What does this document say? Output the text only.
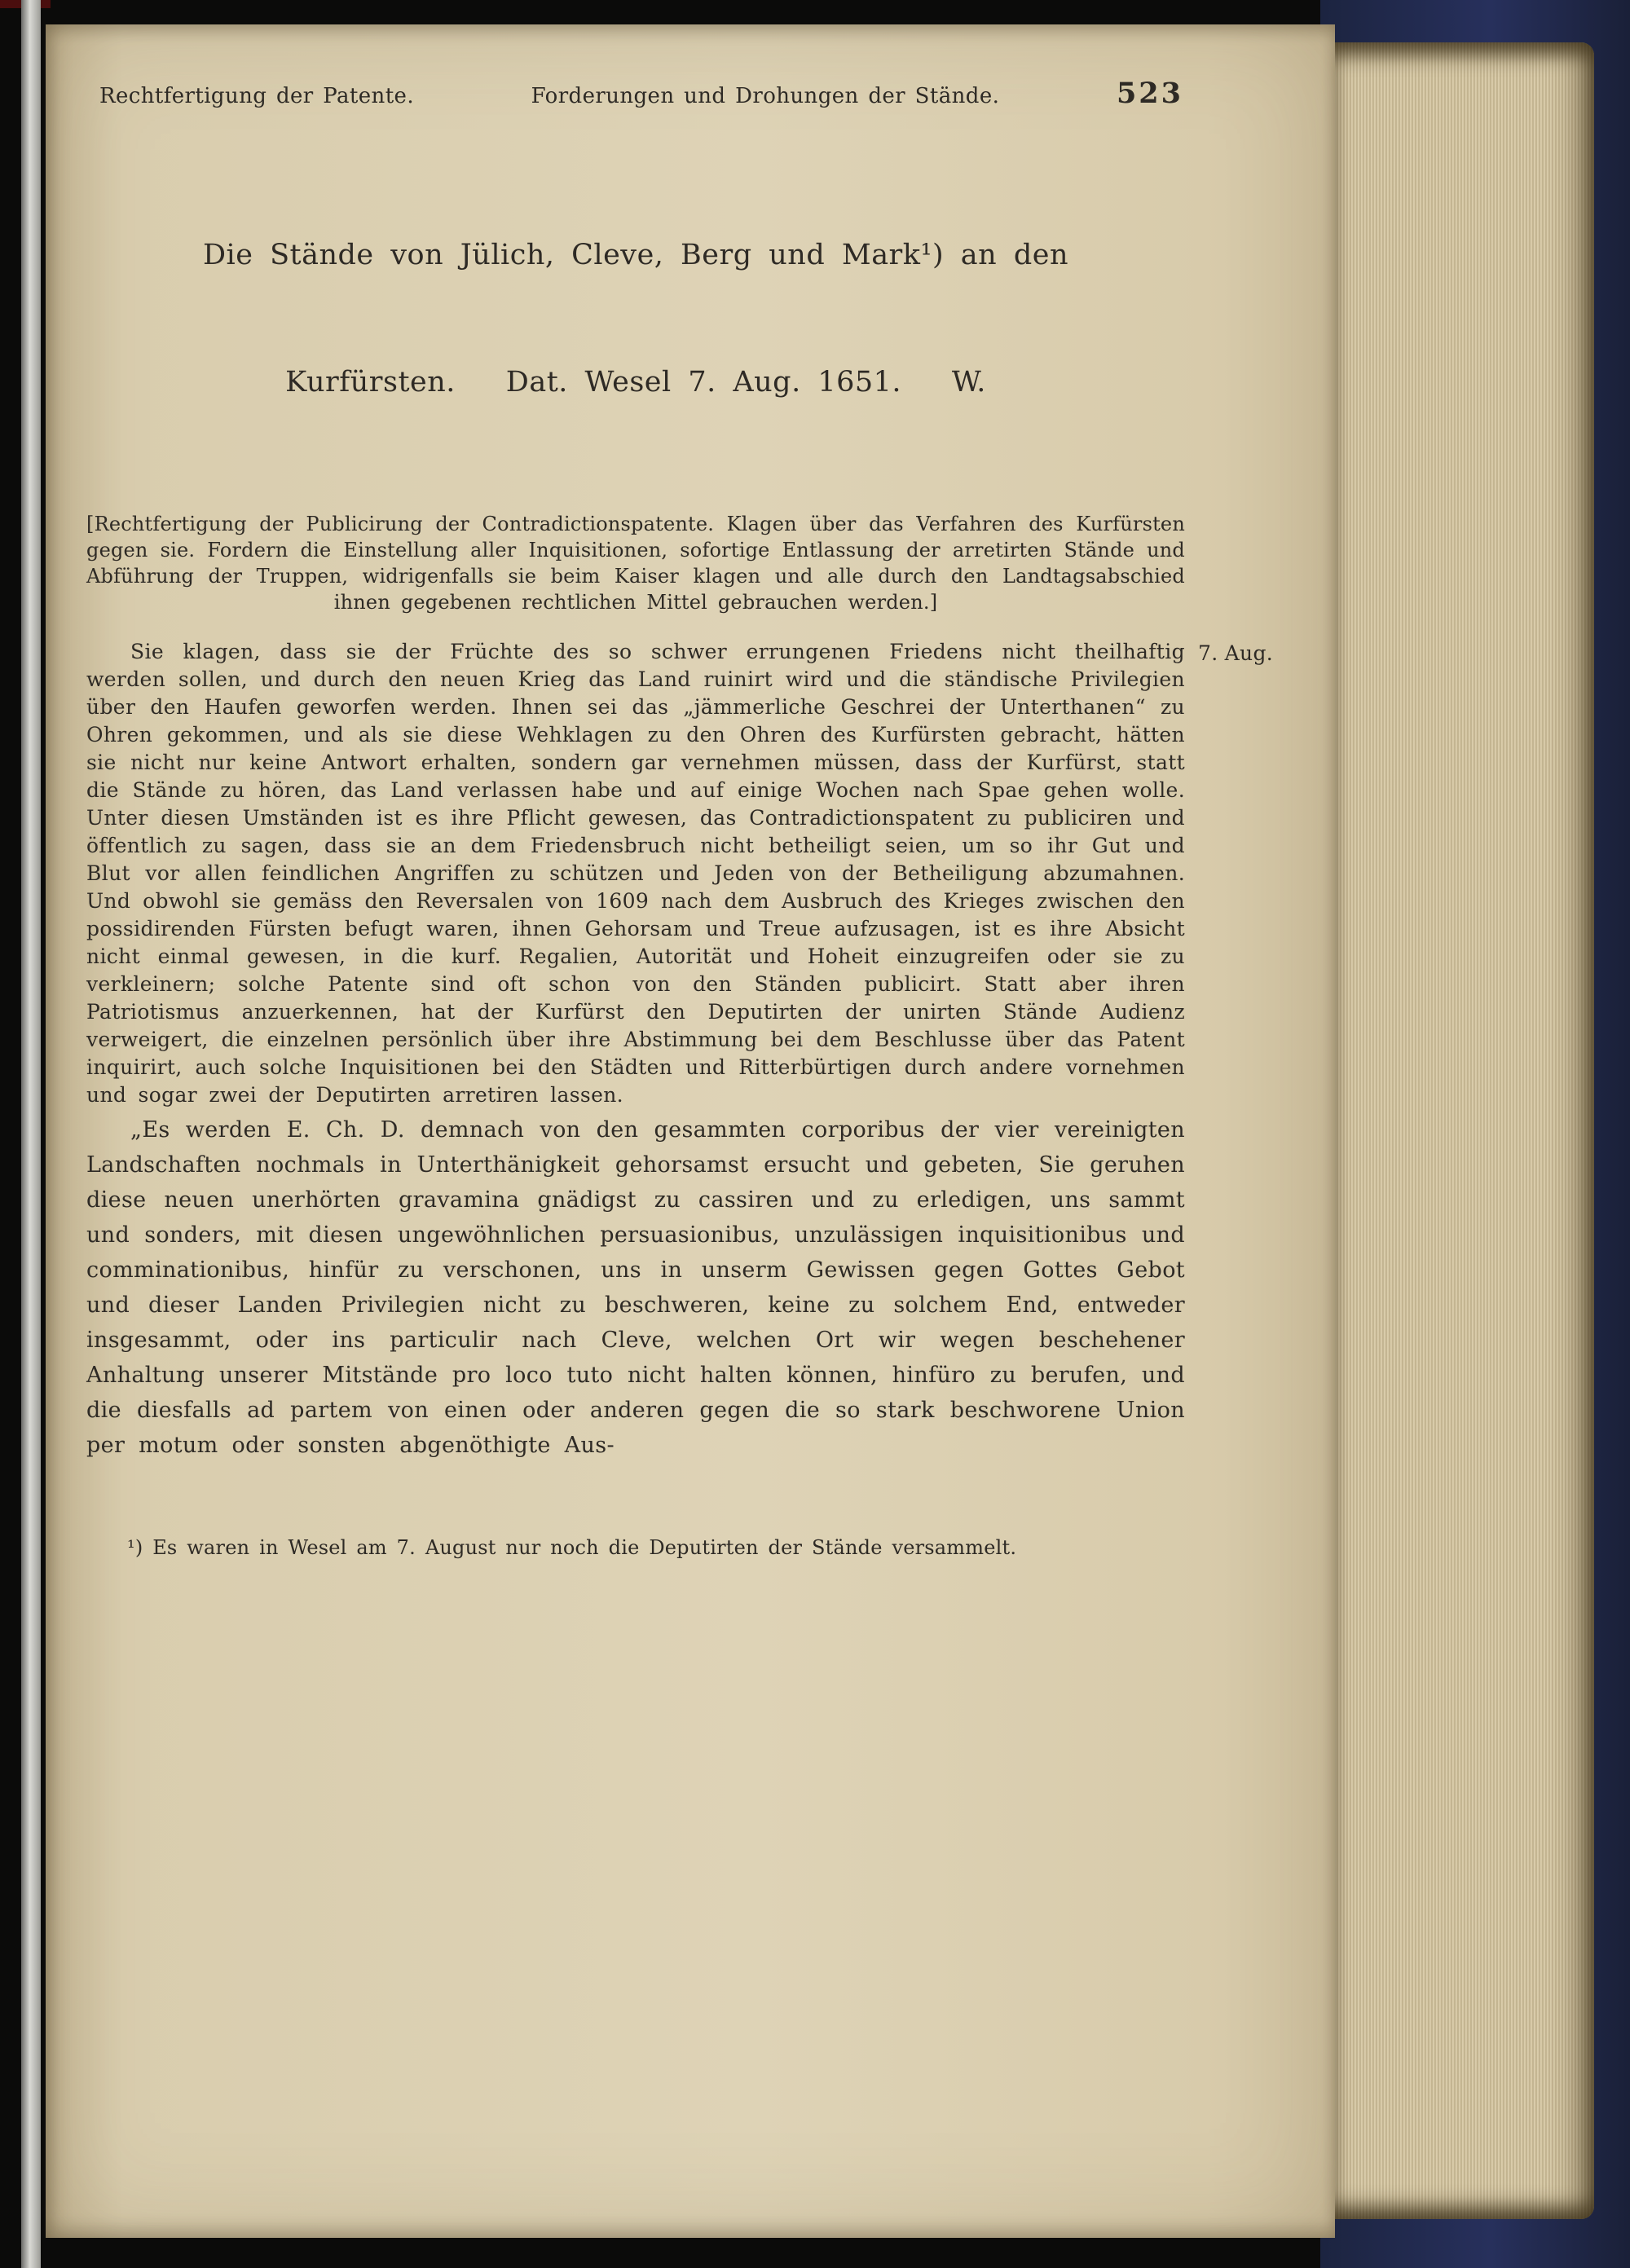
Rechtfertigung der Patente.	Forderungen und Drohungen der Stände.	523

Die Stände von Jülich, Cleve, Berg und Mark¹) an den

Kurfürsten.   Dat. Wesel 7. Aug. 1651.   W.

[Rechtfertigung der Publicirung der Contradictionspatente. Klagen über das Verfahren des Kurfürsten gegen sie. Fordern die Einstellung aller Inquisitionen, sofortige Entlassung der arretirten Stände und Abführung der Truppen, widrigenfalls sie beim Kaiser klagen und alle durch den Landtagsabschied ihnen gegebenen rechtlichen Mittel gebrauchen werden.]

7. Aug.

Sie klagen, dass sie der Früchte des so schwer errungenen Friedens nicht theilhaftig werden sollen, und durch den neuen Krieg das Land ruinirt wird und die ständische Privilegien über den Haufen geworfen werden. Ihnen sei das „jämmerliche Geschrei der Unterthanen“ zu Ohren gekommen, und als sie diese Wehklagen zu den Ohren des Kurfürsten gebracht, hätten sie nicht nur keine Antwort erhalten, sondern gar vernehmen müssen, dass der Kurfürst, statt die Stände zu hören, das Land verlassen habe und auf einige Wochen nach Spae gehen wolle. Unter diesen Umständen ist es ihre Pflicht gewesen, das Contradictionspatent zu publiciren und öffentlich zu sagen, dass sie an dem Friedensbruch nicht betheiligt seien, um so ihr Gut und Blut vor allen feindlichen Angriffen zu schützen und Jeden von der Betheiligung abzumahnen. Und obwohl sie gemäss den Reversalen von 1609 nach dem Ausbruch des Krieges zwischen den possidirenden Fürsten befugt waren, ihnen Gehorsam und Treue aufzusagen, ist es ihre Absicht nicht einmal gewesen, in die kurf. Regalien, Autorität und Hoheit einzugreifen oder sie zu verkleinern; solche Patente sind oft schon von den Ständen publicirt. Statt aber ihren Patriotismus anzuerkennen, hat der Kurfürst den Deputirten der unirten Stände Audienz verweigert, die einzelnen persönlich über ihre Abstimmung bei dem Beschlusse über das Patent inquirirt, auch solche Inquisitionen bei den Städten und Ritterbürtigen durch andere vornehmen und sogar zwei der Deputirten arretiren lassen.

„Es werden E. Ch. D. demnach von den gesammten corporibus der vier vereinigten Landschaften nochmals in Unterthänigkeit gehorsamst ersucht und gebeten, Sie geruhen diese neuen unerhörten gravamina gnädigst zu cassiren und zu erledigen, uns sammt und sonders, mit diesen ungewöhnlichen persuasionibus, unzulässigen inquisitionibus und comminationibus, hinfür zu verschonen, uns in unserm Gewissen gegen Gottes Gebot und dieser Landen Privilegien nicht zu beschweren, keine zu solchem End, entweder insgesammt, oder ins particulir nach Cleve, welchen Ort wir wegen beschehener Anhaltung unserer Mitstände pro loco tuto nicht halten können, hinfüro zu berufen, und die diesfalls ad partem von einen oder anderen gegen die so stark beschworene Union per motum oder sonsten abgenöthigte Aus-

¹) Es waren in Wesel am 7. August nur noch die Deputirten der Stände versammelt.
